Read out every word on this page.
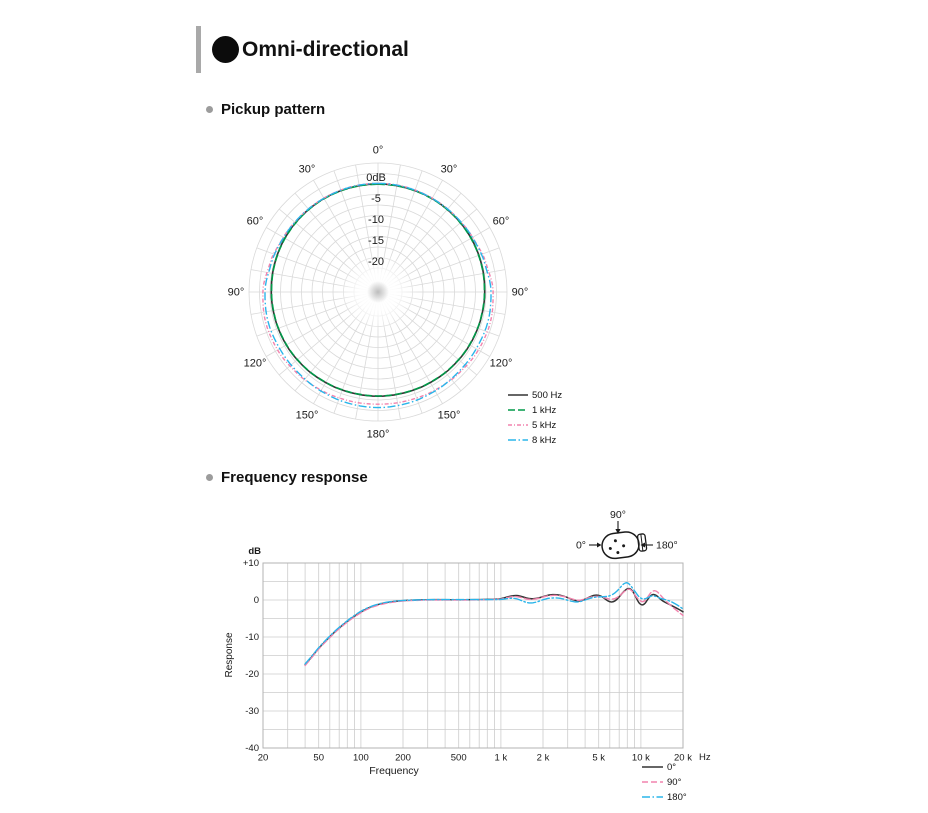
Omni-directional
Pickup pattern
0°
30°
60°
90°
120°
150°
180°
150°
120°
90°
60°
30°
0dB
-5
-10
-15
-20
500 Hz
1 kHz
5 kHz
8 kHz
Frequency response
90°
0°	180°
dB
Response
Hz
Frequency
20	50	100	200	500	1 k	2 k	5 k	10 k	20 k
+10
0
-10
-20
-30
-40
0°
90°
180°
